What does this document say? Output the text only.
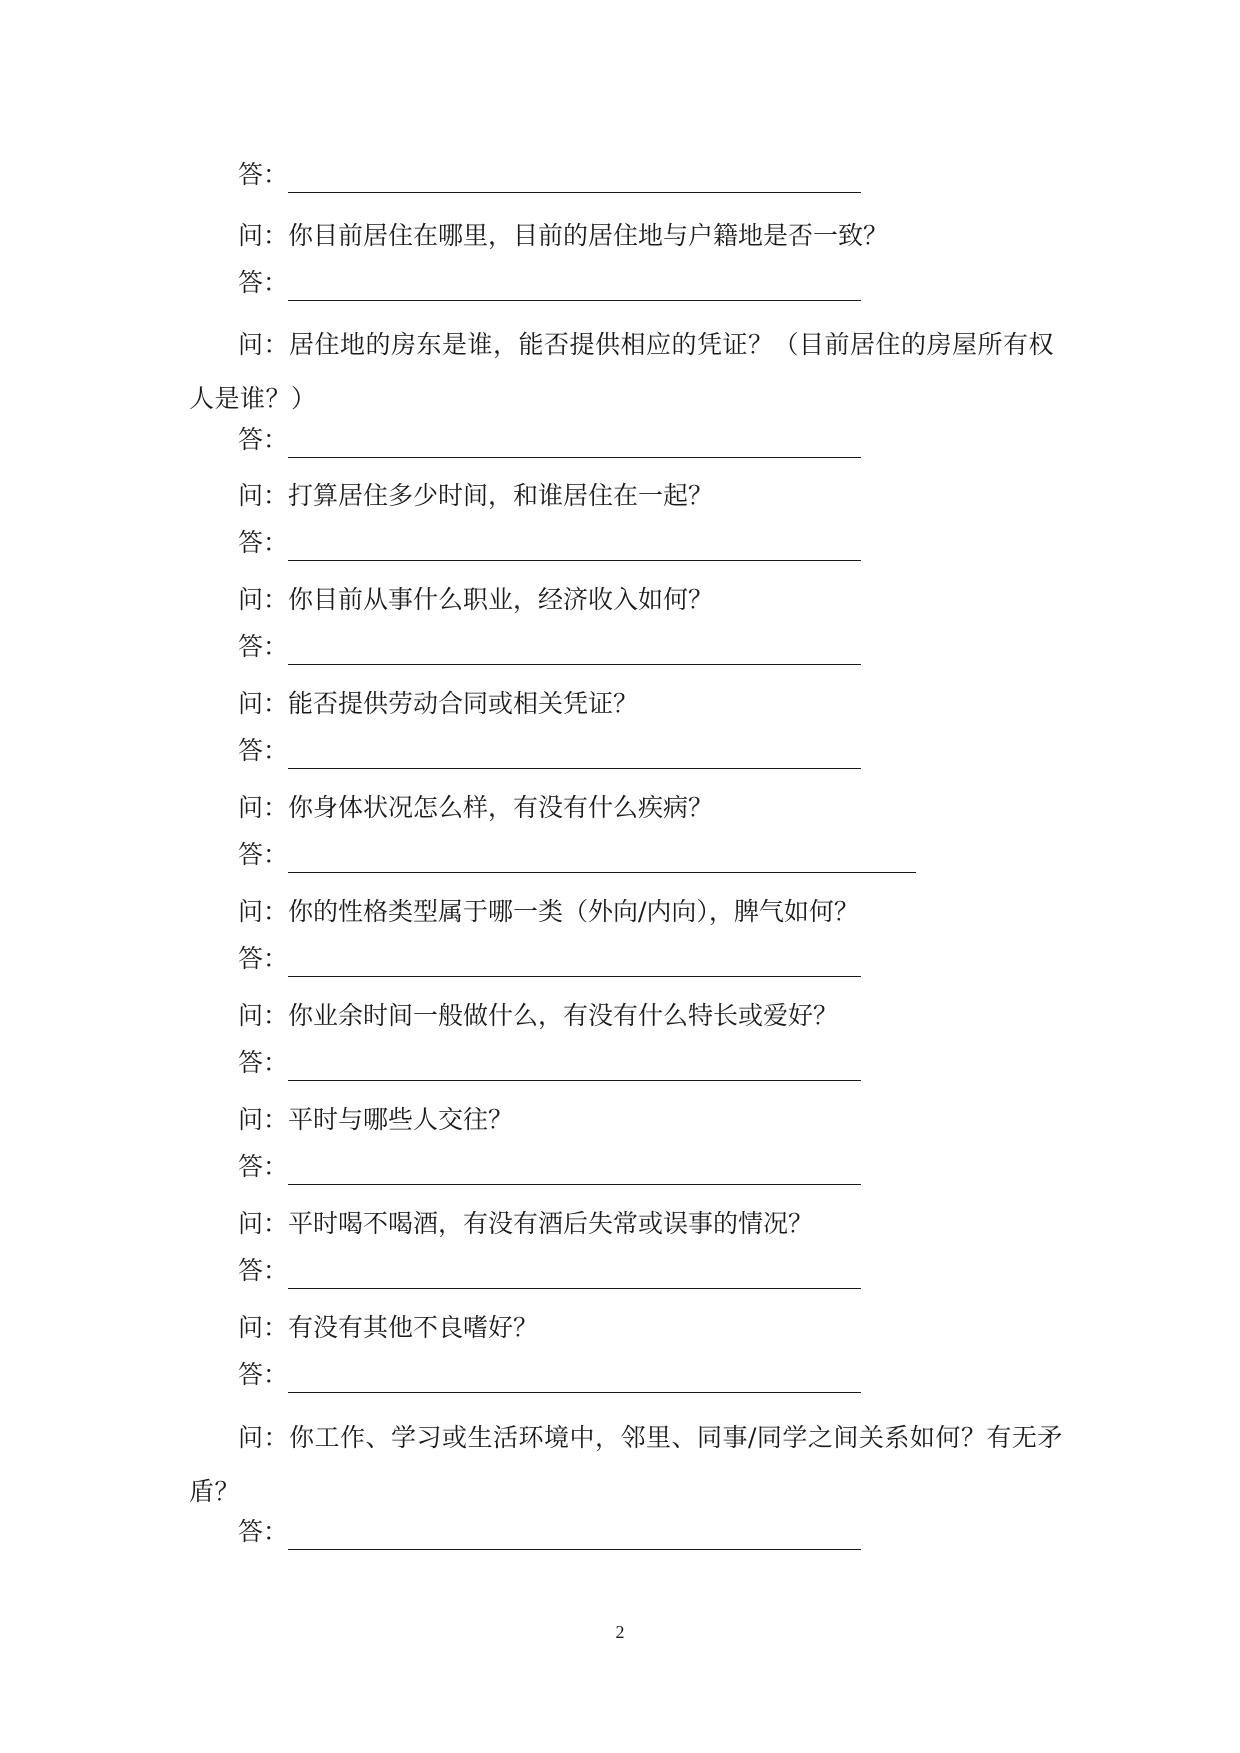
答：
问：你目前居住在哪里，目前的居住地与户籍地是否一致？
答：
问：居住地的房东是谁，能否提供相应的凭证？（目前居住的房屋所有权人是谁？）
答：
问：打算居住多少时间，和谁居住在一起？
答：
问：你目前从事什么职业，经济收入如何？
答：
问：能否提供劳动合同或相关凭证？
答：
问：你身体状况怎么样，有没有什么疾病？
答：
问：你的性格类型属于哪一类（外向/内向），脾气如何？
答：
问：你业余时间一般做什么，有没有什么特长或爱好？
答：
问：平时与哪些人交往？
答：
问：平时喝不喝酒，有没有酒后失常或误事的情况？
答：
问：有没有其他不良嗜好？
答：
问：你工作、学习或生活环境中，邻里、同事/同学之间关系如何？有无矛盾？
答：
2
